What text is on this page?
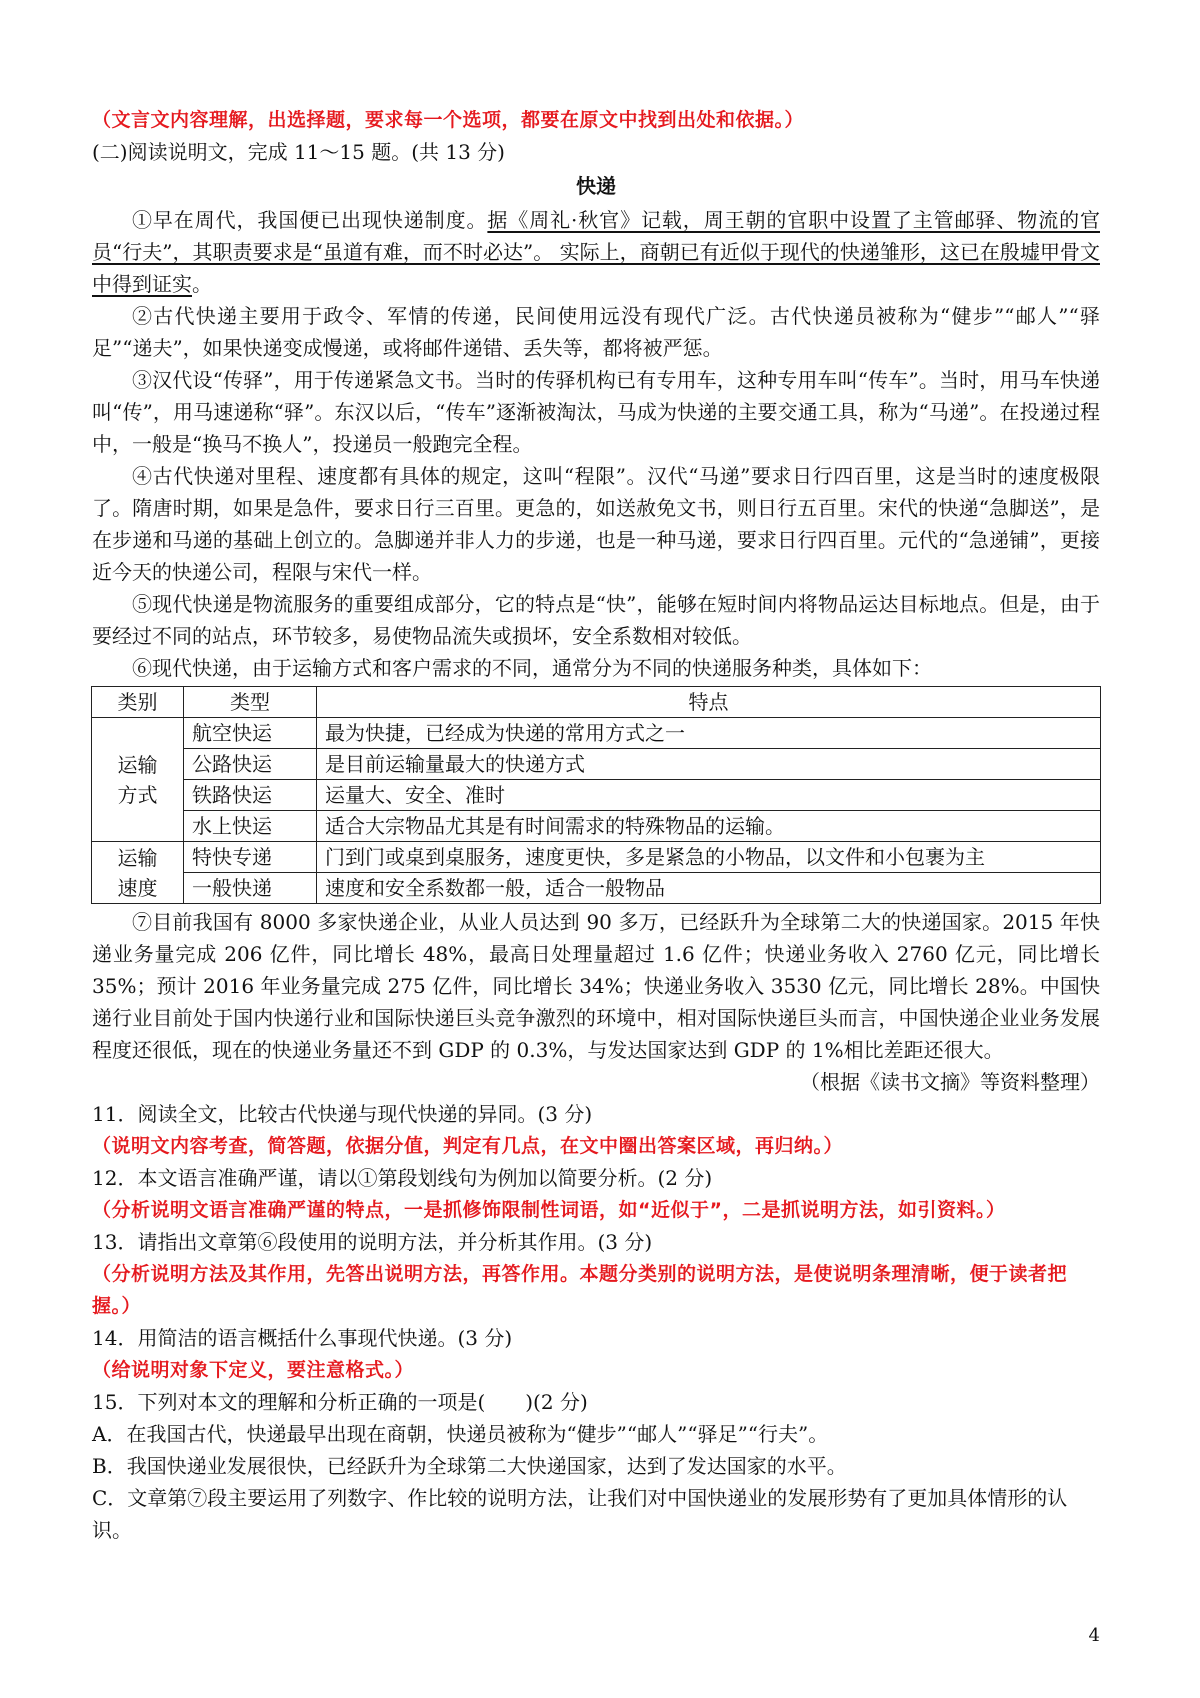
（文言文内容理解，出选择题，要求每一个选项，都要在原文中找到出处和依据。）

(二)阅读说明文，完成 11～15 题。(共 13 分)

快递

①早在周代，我国便已出现快递制度。据《周礼·秋官》记载，周王朝的官职中设置了主管邮驿、物流的官员“行夫”，其职责要求是“虽道有难，而不时必达”。 实际上，商朝已有近似于现代的快递雏形，这已在殷墟甲骨文中得到证实。

②古代快递主要用于政令、军情的传递，民间使用远没有现代广泛。古代快递员被称为“健步”“邮人”“驿足”“递夫”，如果快递变成慢递，或将邮件递错、丢失等，都将被严惩。

③汉代设“传驿”，用于传递紧急文书。当时的传驿机构已有专用车，这种专用车叫“传车”。当时，用马车快递叫“传”，用马速递称“驿”。东汉以后，“传车”逐渐被淘汰，马成为快递的主要交通工具，称为“马递”。在投递过程中，一般是“换马不换人”，投递员一般跑完全程。

④古代快递对里程、速度都有具体的规定，这叫“程限”。汉代“马递”要求日行四百里，这是当时的速度极限了。隋唐时期，如果是急件，要求日行三百里。更急的，如送赦免文书，则日行五百里。宋代的快递“急脚送”，是在步递和马递的基础上创立的。急脚递并非人力的步递，也是一种马递，要求日行四百里。元代的“急递铺”，更接近今天的快递公司，程限与宋代一样。

⑤现代快递是物流服务的重要组成部分，它的特点是“快”，能够在短时间内将物品运达目标地点。但是，由于要经过不同的站点，环节较多，易使物品流失或损坏，安全系数相对较低。

⑥现代快递，由于运输方式和客户需求的不同，通常分为不同的快递服务种类，具体如下：

类别	类型	特点
运输
方式	航空快运	最为快捷，已经成为快递的常用方式之一
	公路快运	是目前运输量最大的快递方式
	铁路快运	运量大、安全、准时
	水上快运	适合大宗物品尤其是有时间需求的特殊物品的运输。
运输
速度	特快专递	门到门或桌到桌服务，速度更快，多是紧急的小物品，以文件和小包裹为主
	一般快递	速度和安全系数都一般，适合一般物品

⑦目前我国有 8000 多家快递企业，从业人员达到 90 多万，已经跃升为全球第二大的快递国家。2015 年快递业务量完成 206 亿件，同比增长 48%，最高日处理量超过 1.6 亿件；快递业务收入 2760 亿元，同比增长 35%；预计 2016 年业务量完成 275 亿件，同比增长 34%；快递业务收入 3530 亿元，同比增长 28%。中国快递行业目前处于国内快递行业和国际快递巨头竞争激烈的环境中，相对国际快递巨头而言，中国快递企业业务发展程度还很低，现在的快递业务量还不到 GDP 的 0.3%，与发达国家达到 GDP 的 1%相比差距还很大。

（根据《读书文摘》等资料整理）

11．阅读全文，比较古代快递与现代快递的异同。(3 分)

（说明文内容考查，简答题，依据分值，判定有几点，在文中圈出答案区域，再归纳。）

12．本文语言准确严谨，请以①第段划线句为例加以简要分析。(2 分)

（分析说明文语言准确严谨的特点，一是抓修饰限制性词语，如“近似于”，二是抓说明方法，如引资料。）

13．请指出文章第⑥段使用的说明方法，并分析其作用。(3 分)

（分析说明方法及其作用，先答出说明方法，再答作用。本题分类别的说明方法，是使说明条理清晰，便于读者把握。）

14．用简洁的语言概括什么事现代快递。(3 分)

（给说明对象下定义，要注意格式。）

15．下列对本文的理解和分析正确的一项是(　　)(2 分)

A．在我国古代，快递最早出现在商朝，快递员被称为“健步”“邮人”“驿足”“行夫”。

B．我国快递业发展很快，已经跃升为全球第二大快递国家，达到了发达国家的水平。

C．文章第⑦段主要运用了列数字、作比较的说明方法，让我们对中国快递业的发展形势有了更加具体情形的认识。

4
